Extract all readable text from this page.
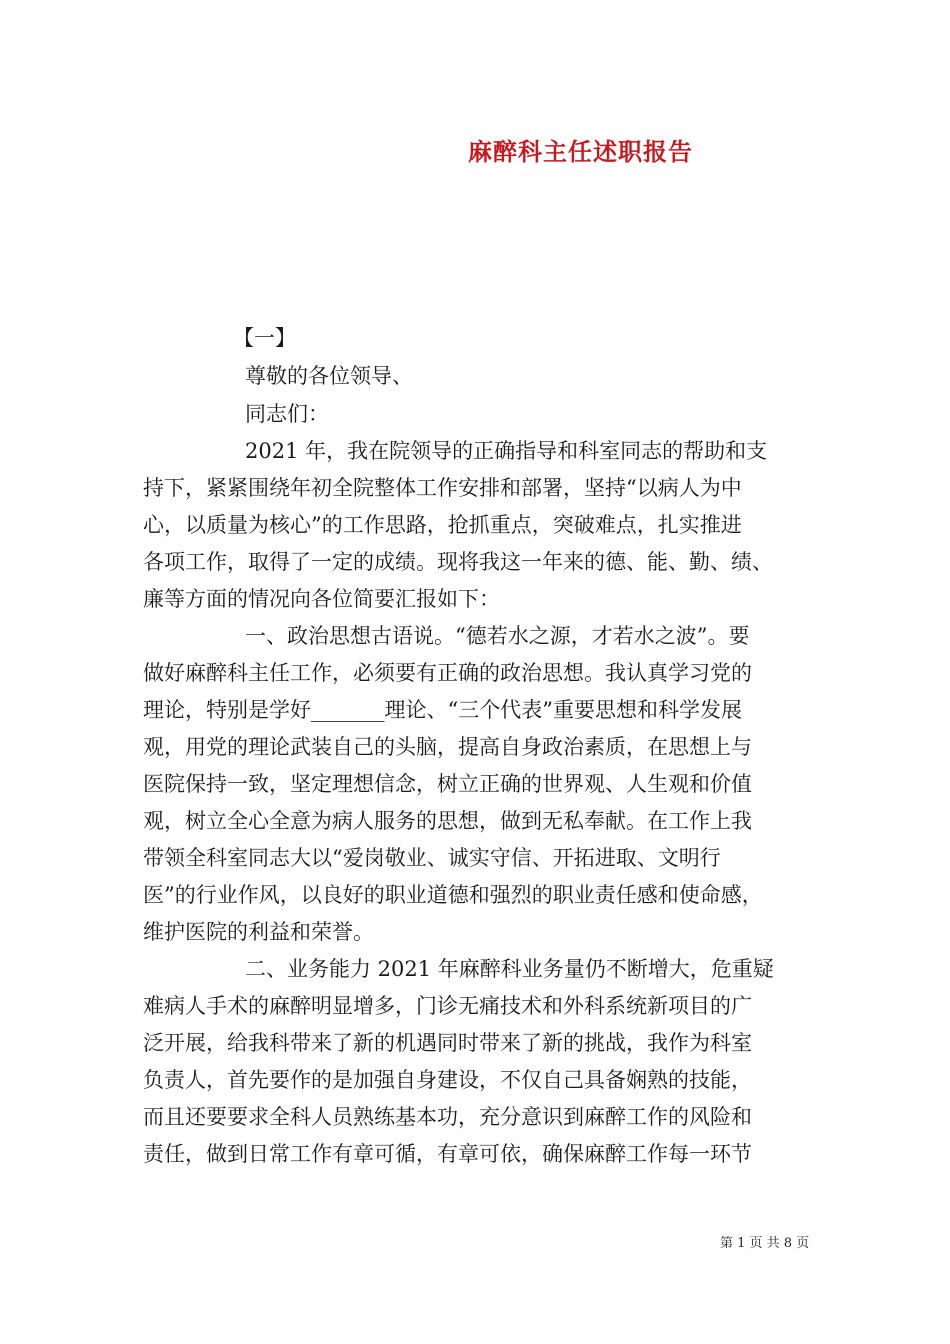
麻醉科主任述职报告
【一】
尊敬的各位领导、
同志们：
2021 年，我在院领导的正确指导和科室同志的帮助和支
持下，紧紧围绕年初全院整体工作安排和部署，坚持“以病人为中
心，以质量为核心”的工作思路，抢抓重点，突破难点，扎实推进
各项工作，取得了一定的成绩。现将我这一年来的德、能、勤、绩、
廉等方面的情况向各位简要汇报如下：
一、政治思想古语说。“德若水之源，才若水之波”。要
做好麻醉科主任工作，必须要有正确的政治思想。我认真学习党的
理论，特别是学好_______理论、“三个代表”重要思想和科学发展
观，用党的理论武装自己的头脑，提高自身政治素质，在思想上与
医院保持一致，坚定理想信念，树立正确的世界观、人生观和价值
观，树立全心全意为病人服务的思想，做到无私奉献。在工作上我
带领全科室同志大以“爱岗敬业、诚实守信、开拓进取、文明行
医”的行业作风，以良好的职业道德和强烈的职业责任感和使命感，
维护医院的利益和荣誉。
二、业务能力 2021 年麻醉科业务量仍不断增大，危重疑
难病人手术的麻醉明显增多，门诊无痛技术和外科系统新项目的广
泛开展，给我科带来了新的机遇同时带来了新的挑战，我作为科室
负责人，首先要作的是加强自身建设，不仅自己具备娴熟的技能，
而且还要要求全科人员熟练基本功，充分意识到麻醉工作的风险和
责任，做到日常工作有章可循，有章可依，确保麻醉工作每一环节
第 1 页 共 8 页
